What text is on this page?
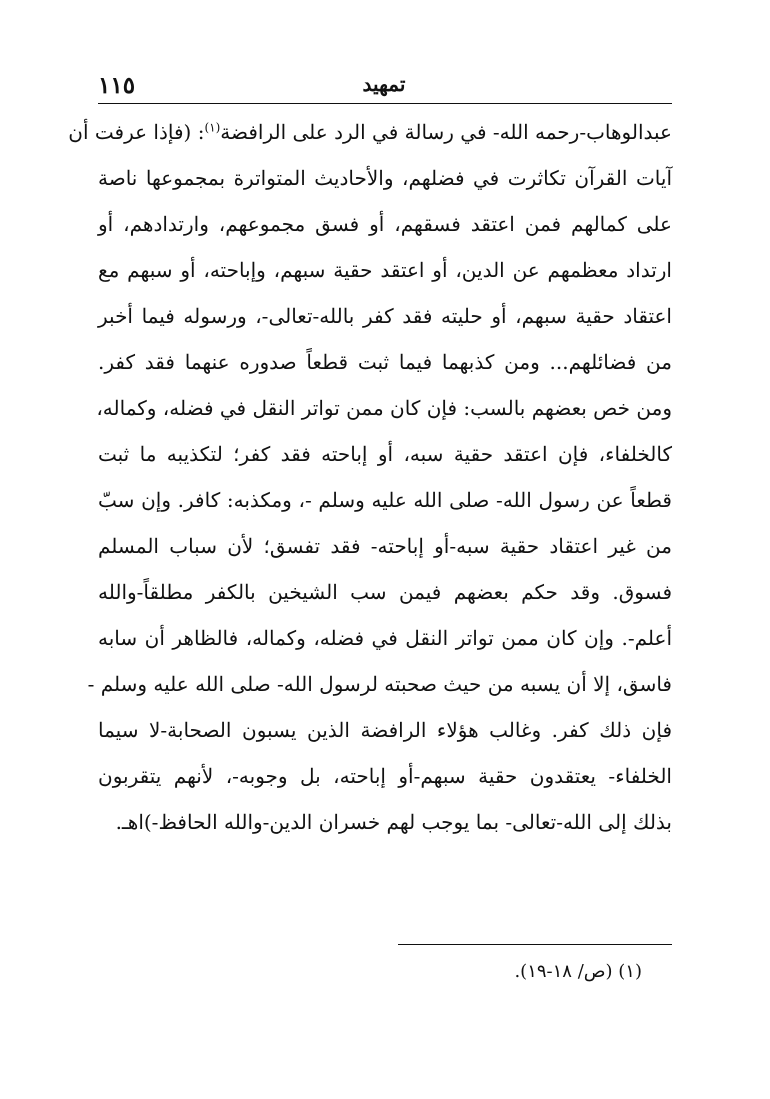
١١٥	تمهيد
عبدالوهاب-رحمه الله- في رسالة في الرد على الرافضة$^{(١)}$: (فإذا عرفت أن
آيات القرآن تكاثرت في فضلهم، والأحاديث المتواترة بمجموعها ناصة
على كمالهم فمن اعتقد فسقهم، أو فسق مجموعهم، وارتدادهم، أو
ارتداد معظمهم عن الدين، أو اعتقد حقية سبهم، وإباحته، أو سبهم مع
اعتقاد حقية سبهم، أو حليته فقد كفر بالله-تعالى-، ورسوله فيما أخبر
من فضائلهم... ومن كذبهما فيما ثبت قطعاً صدوره عنهما فقد كفر.
ومن خص بعضهم بالسب: فإن كان ممن تواتر النقل في فضله، وكماله،
كالخلفاء، فإن اعتقد حقية سبه، أو إباحته فقد كفر؛ لتكذيبه ما ثبت
قطعاً عن رسول الله- صلى الله عليه وسلم -، ومكذبه: كافر. وإن سبّ
من غير اعتقاد حقية سبه-أو إباحته- فقد تفسق؛ لأن سباب المسلم
فسوق. وقد حكم بعضهم فيمن سب الشيخين بالكفر مطلقاً-والله
أعلم-. وإن كان ممن تواتر النقل في فضله، وكماله، فالظاهر أن سابه
فاسق، إلا أن يسبه من حيث صحبته لرسول الله- صلى الله عليه وسلم -
فإن ذلك كفر. وغالب هؤلاء الرافضة الذين يسبون الصحابة-لا سيما
الخلفاء- يعتقدون حقية سبهم-أو إباحته، بل وجوبه-، لأنهم يتقربون
بذلك إلى الله-تعالى- بما يوجب لهم خسران الدين-والله الحافظ-)اهـ.
(١) (ص/ ١٨-١٩).
